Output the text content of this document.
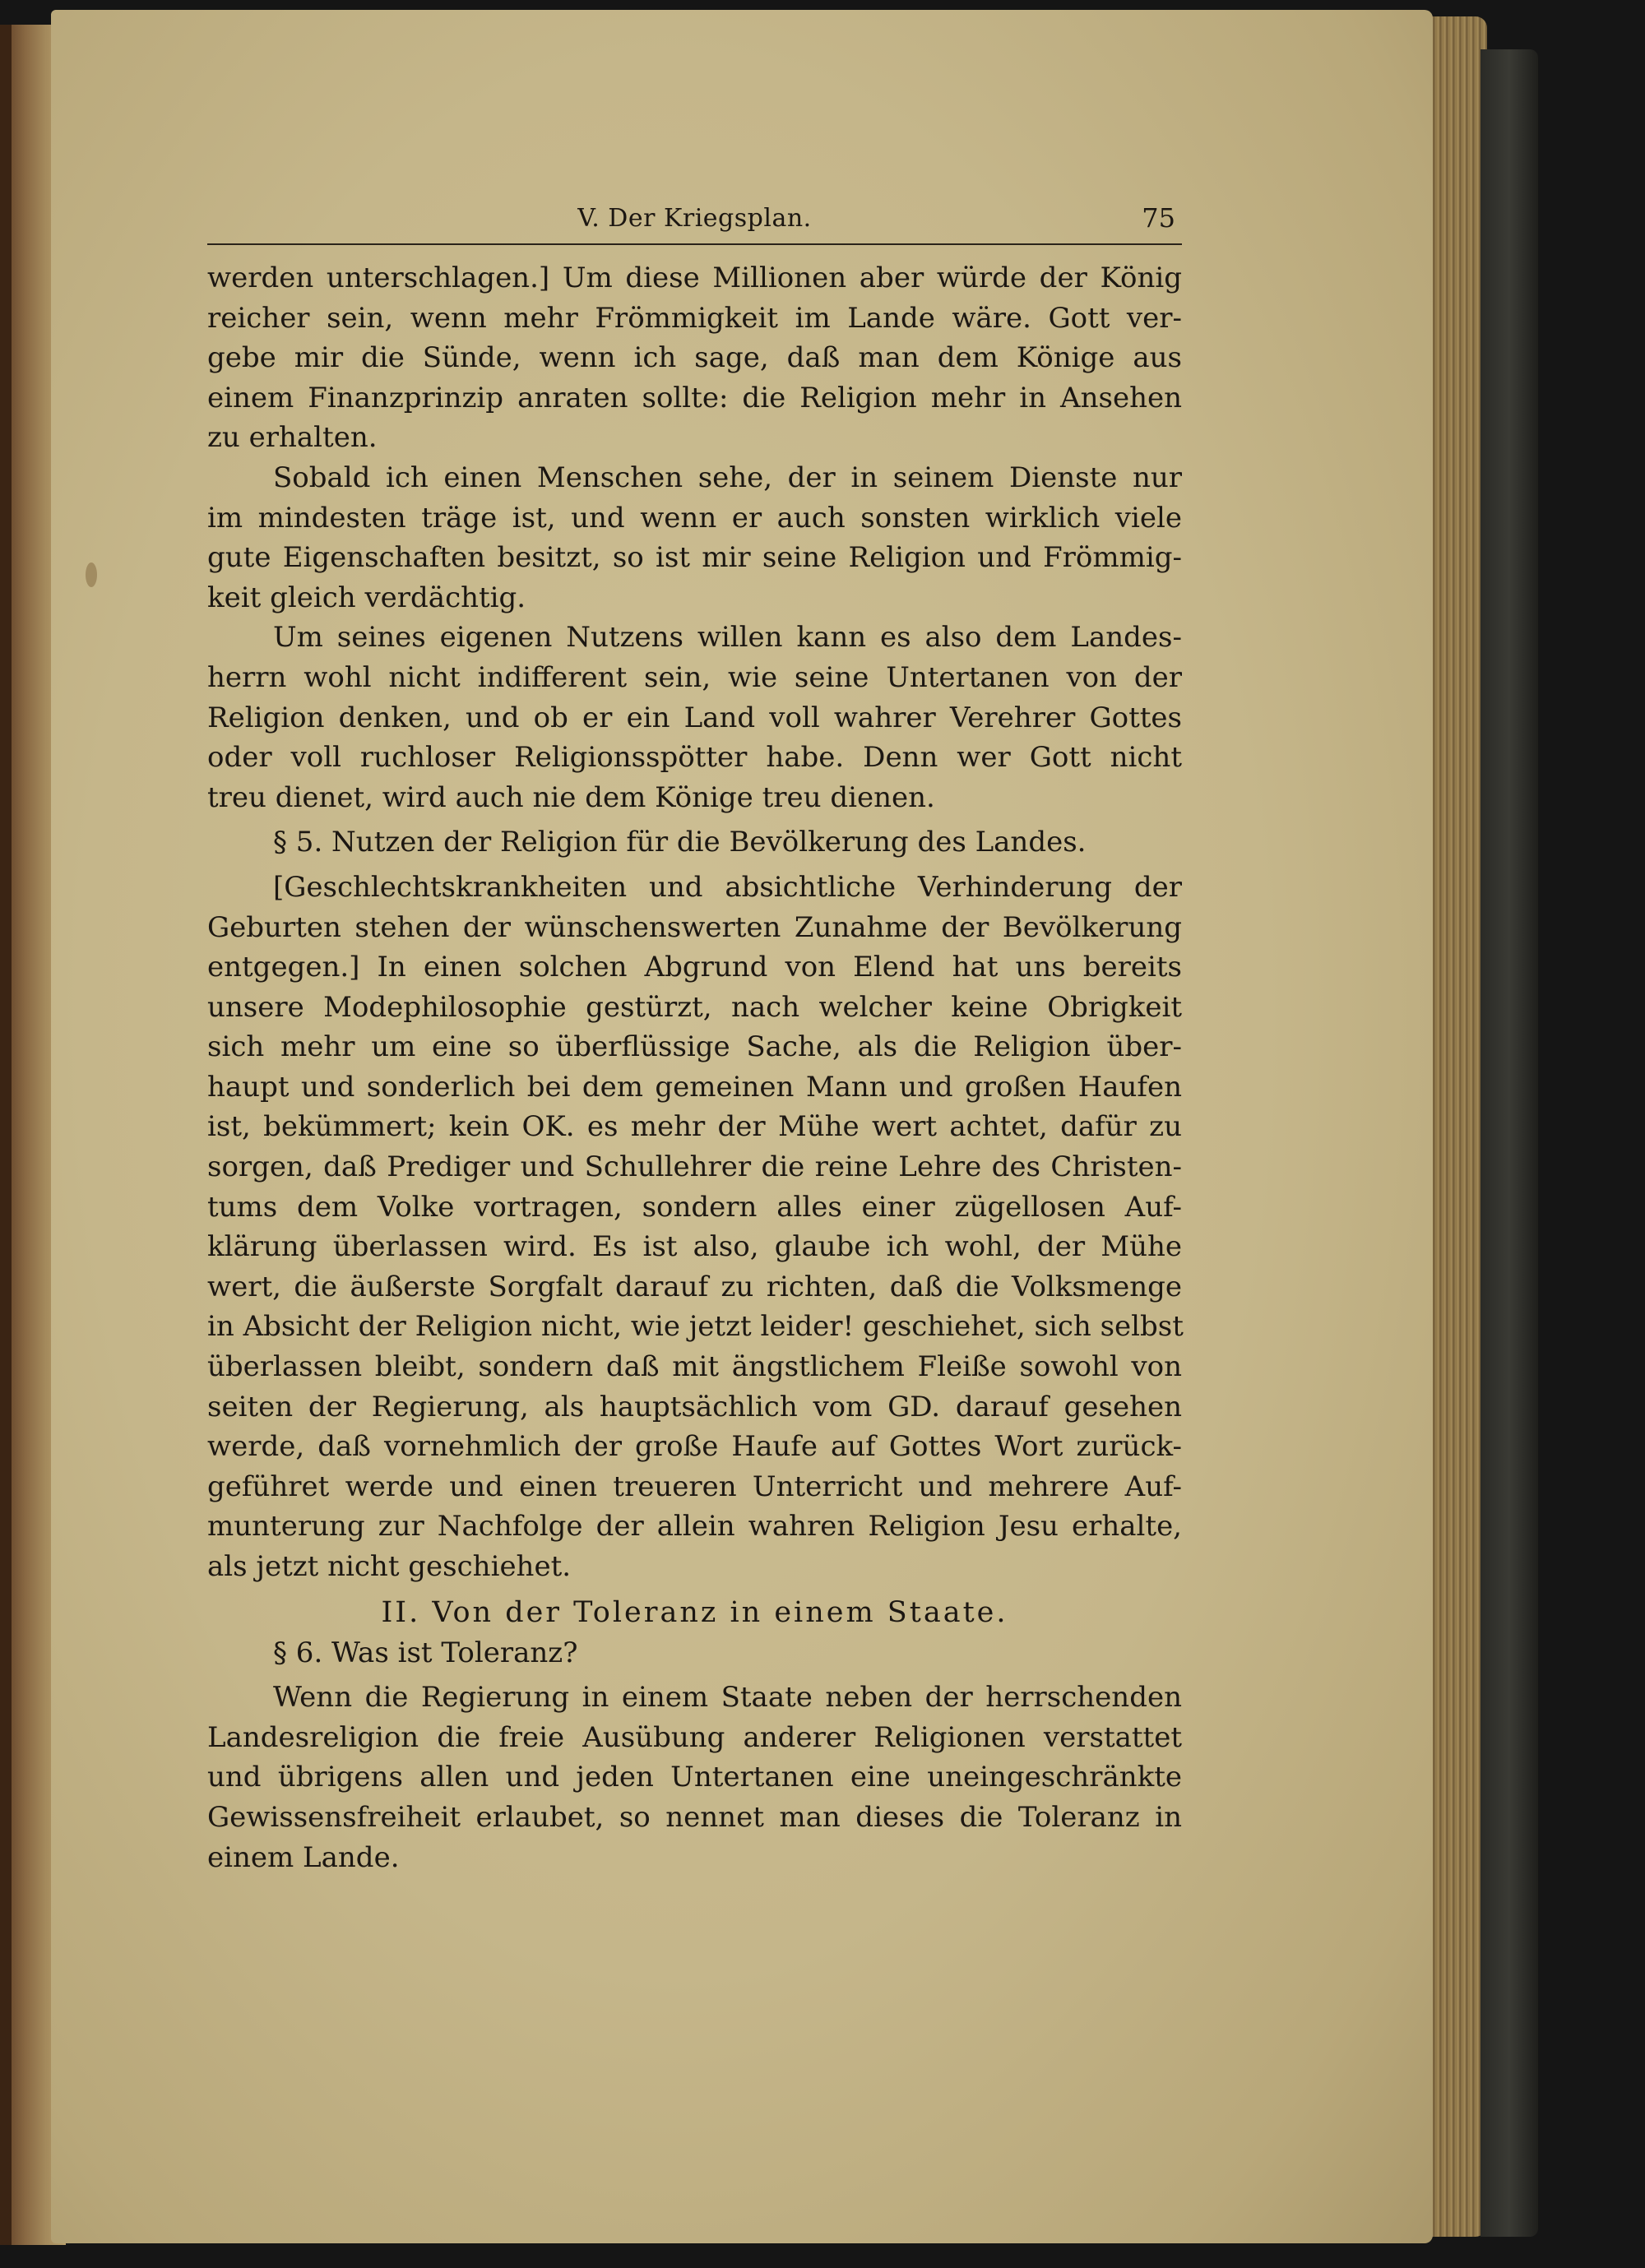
V. Der Kriegsplan.	75
werden unterschlagen.] Um diese Millionen aber würde der König
reicher sein, wenn mehr Frömmigkeit im Lande wäre. Gott ver-
gebe mir die Sünde, wenn ich sage, daß man dem Könige aus
einem Finanzprinzip anraten sollte: die Religion mehr in Ansehen
zu erhalten.
Sobald ich einen Menschen sehe, der in seinem Dienste nur
im mindesten träge ist, und wenn er auch sonsten wirklich viele
gute Eigenschaften besitzt, so ist mir seine Religion und Frömmig-
keit gleich verdächtig.
Um seines eigenen Nutzens willen kann es also dem Landes-
herrn wohl nicht indifferent sein, wie seine Untertanen von der
Religion denken, und ob er ein Land voll wahrer Verehrer Gottes
oder voll ruchloser Religionsspötter habe. Denn wer Gott nicht
treu dienet, wird auch nie dem Könige treu dienen.
§ 5. Nutzen der Religion für die Bevölkerung des Landes.
[Geschlechtskrankheiten und absichtliche Verhinderung der
Geburten stehen der wünschenswerten Zunahme der Bevölkerung
entgegen.] In einen solchen Abgrund von Elend hat uns bereits
unsere Modephilosophie gestürzt, nach welcher keine Obrigkeit
sich mehr um eine so überflüssige Sache, als die Religion über-
haupt und sonderlich bei dem gemeinen Mann und großen Haufen
ist, bekümmert; kein OK. es mehr der Mühe wert achtet, dafür zu
sorgen, daß Prediger und Schullehrer die reine Lehre des Christen-
tums dem Volke vortragen, sondern alles einer zügellosen Auf-
klärung überlassen wird. Es ist also, glaube ich wohl, der Mühe
wert, die äußerste Sorgfalt darauf zu richten, daß die Volksmenge
in Absicht der Religion nicht, wie jetzt leider! geschiehet, sich selbst
überlassen bleibt, sondern daß mit ängstlichem Fleiße sowohl von
seiten der Regierung, als hauptsächlich vom GD. darauf gesehen
werde, daß vornehmlich der große Haufe auf Gottes Wort zurück-
geführet werde und einen treueren Unterricht und mehrere Auf-
munterung zur Nachfolge der allein wahren Religion Jesu erhalte,
als jetzt nicht geschiehet.
II. Von der Toleranz in einem Staate.
§ 6. Was ist Toleranz?
Wenn die Regierung in einem Staate neben der herrschenden
Landesreligion die freie Ausübung anderer Religionen verstattet
und übrigens allen und jeden Untertanen eine uneingeschränkte
Gewissensfreiheit erlaubet, so nennet man dieses die Toleranz in
einem Lande.
